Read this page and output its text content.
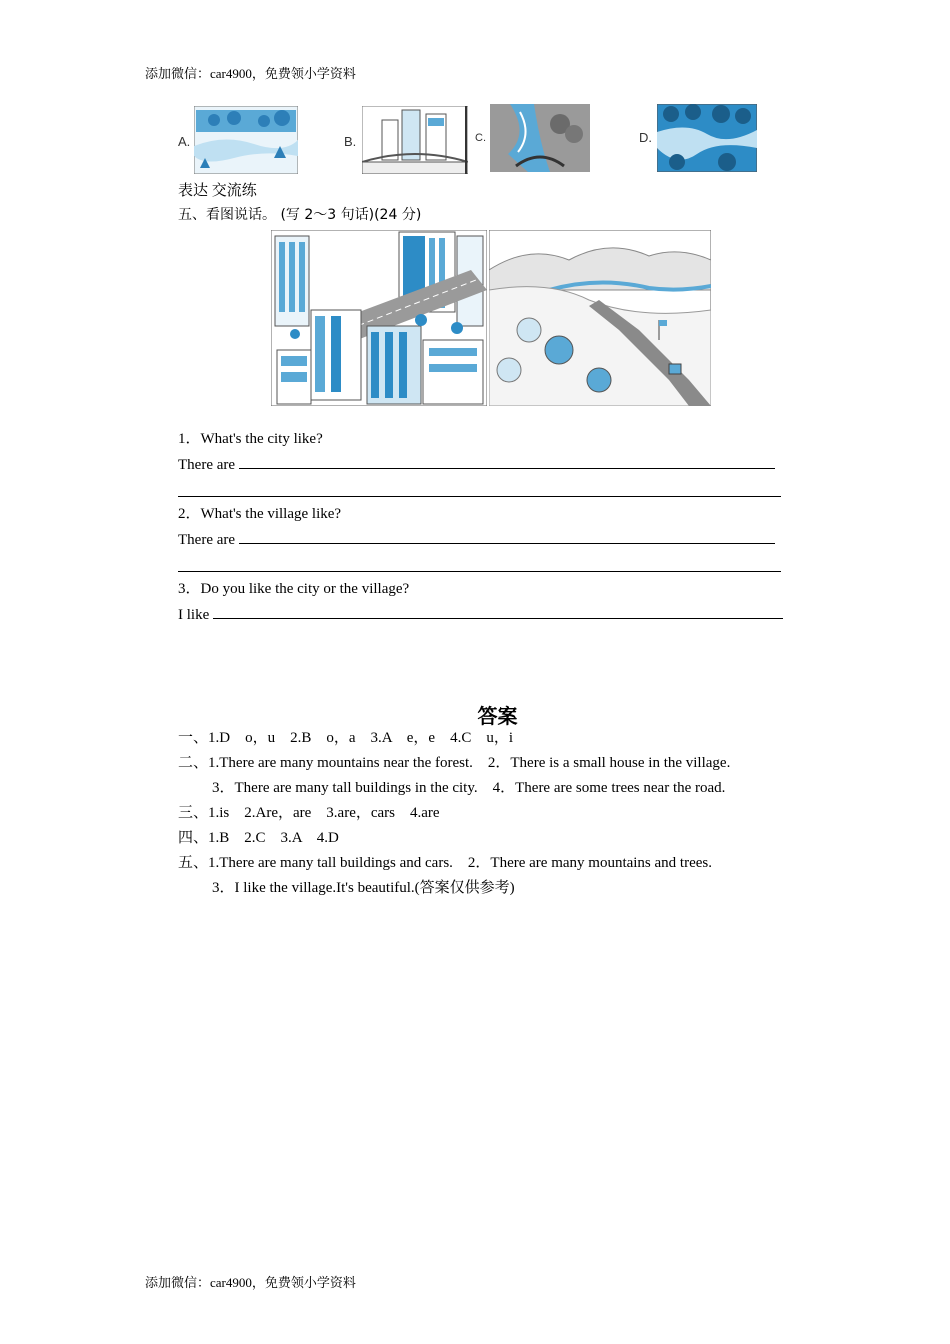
添加微信：car4900，免费领小学资料
A.	B.	C.	D.
表达 交流练
五、看图说话。 (写 2～3 句话)(24 分)
1．What's the city like?
There are
2．What's the village like?
There are
3．Do you like the city or the village?
I like
答案
一、1.D　o，u　2.B　o，a　3.A　e，e　4.C　u，i
二、1.There are many mountains near the forest.　2．There is a small house in the village.
3．There are many tall buildings in the city.　4．There are some trees near the road.
三、1.is　2.Are，are　3.are，cars　4.are
四、1.B　2.C　3.A　4.D
五、1.There are many tall buildings and cars.　2．There are many mountains and trees.
3．I like the village.It's beautiful.(答案仅供参考)
添加微信：car4900，免费领小学资料
